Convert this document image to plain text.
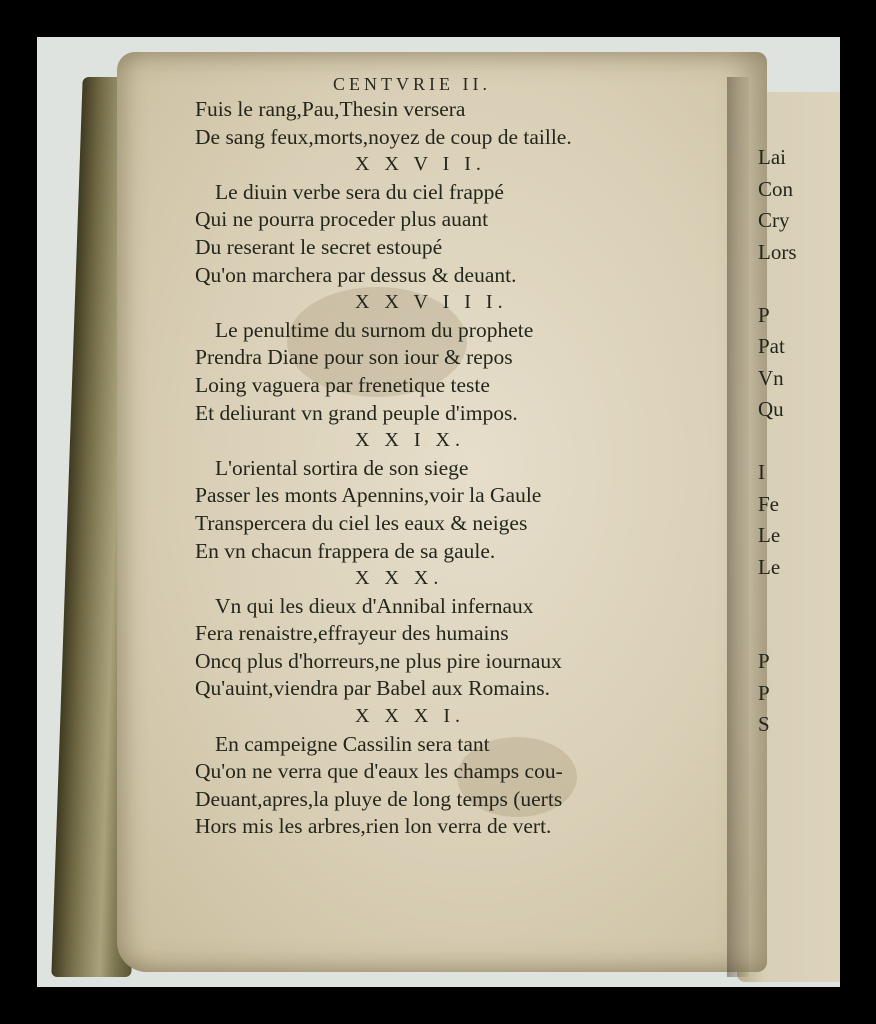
CENTVRIE II.
Fuis le rang,Pau,Thesin versera
De sang feux,morts,noyez de coup de taille.
X X V I I.
Le diuin verbe sera du ciel frappé
Qui ne pourra proceder plus auant
Du reserant le secret estoupé
Qu'on marchera par dessus & deuant.
X X V I I I.
Le penultime du surnom du prophete
Prendra Diane pour son iour & repos
Loing vaguera par frenetique teste
Et deliurant vn grand peuple d'impos.
X X I X.
L'oriental sortira de son siege
Passer les monts Apennins,voir la Gaule
Transpercera du ciel les eaux & neiges
En vn chacun frappera de sa gaule.
X X X.
Vn qui les dieux d'Annibal infernaux
Fera renaistre,effrayeur des humains
Oncq plus d'horreurs,ne plus pire iournaux
Qu'auint,viendra par Babel aux Romains.
X X X I.
En campeigne Cassilin sera tant
Qu'on ne verra que d'eaux les champs cou-
Deuant,apres,la pluye de long temps (uerts
Hors mis les arbres,rien lon verra de vert.
Lai
Con
Cry
Lors
P
Pat
Vn
Qu
I
Fe
Le
Le
P
P
S
